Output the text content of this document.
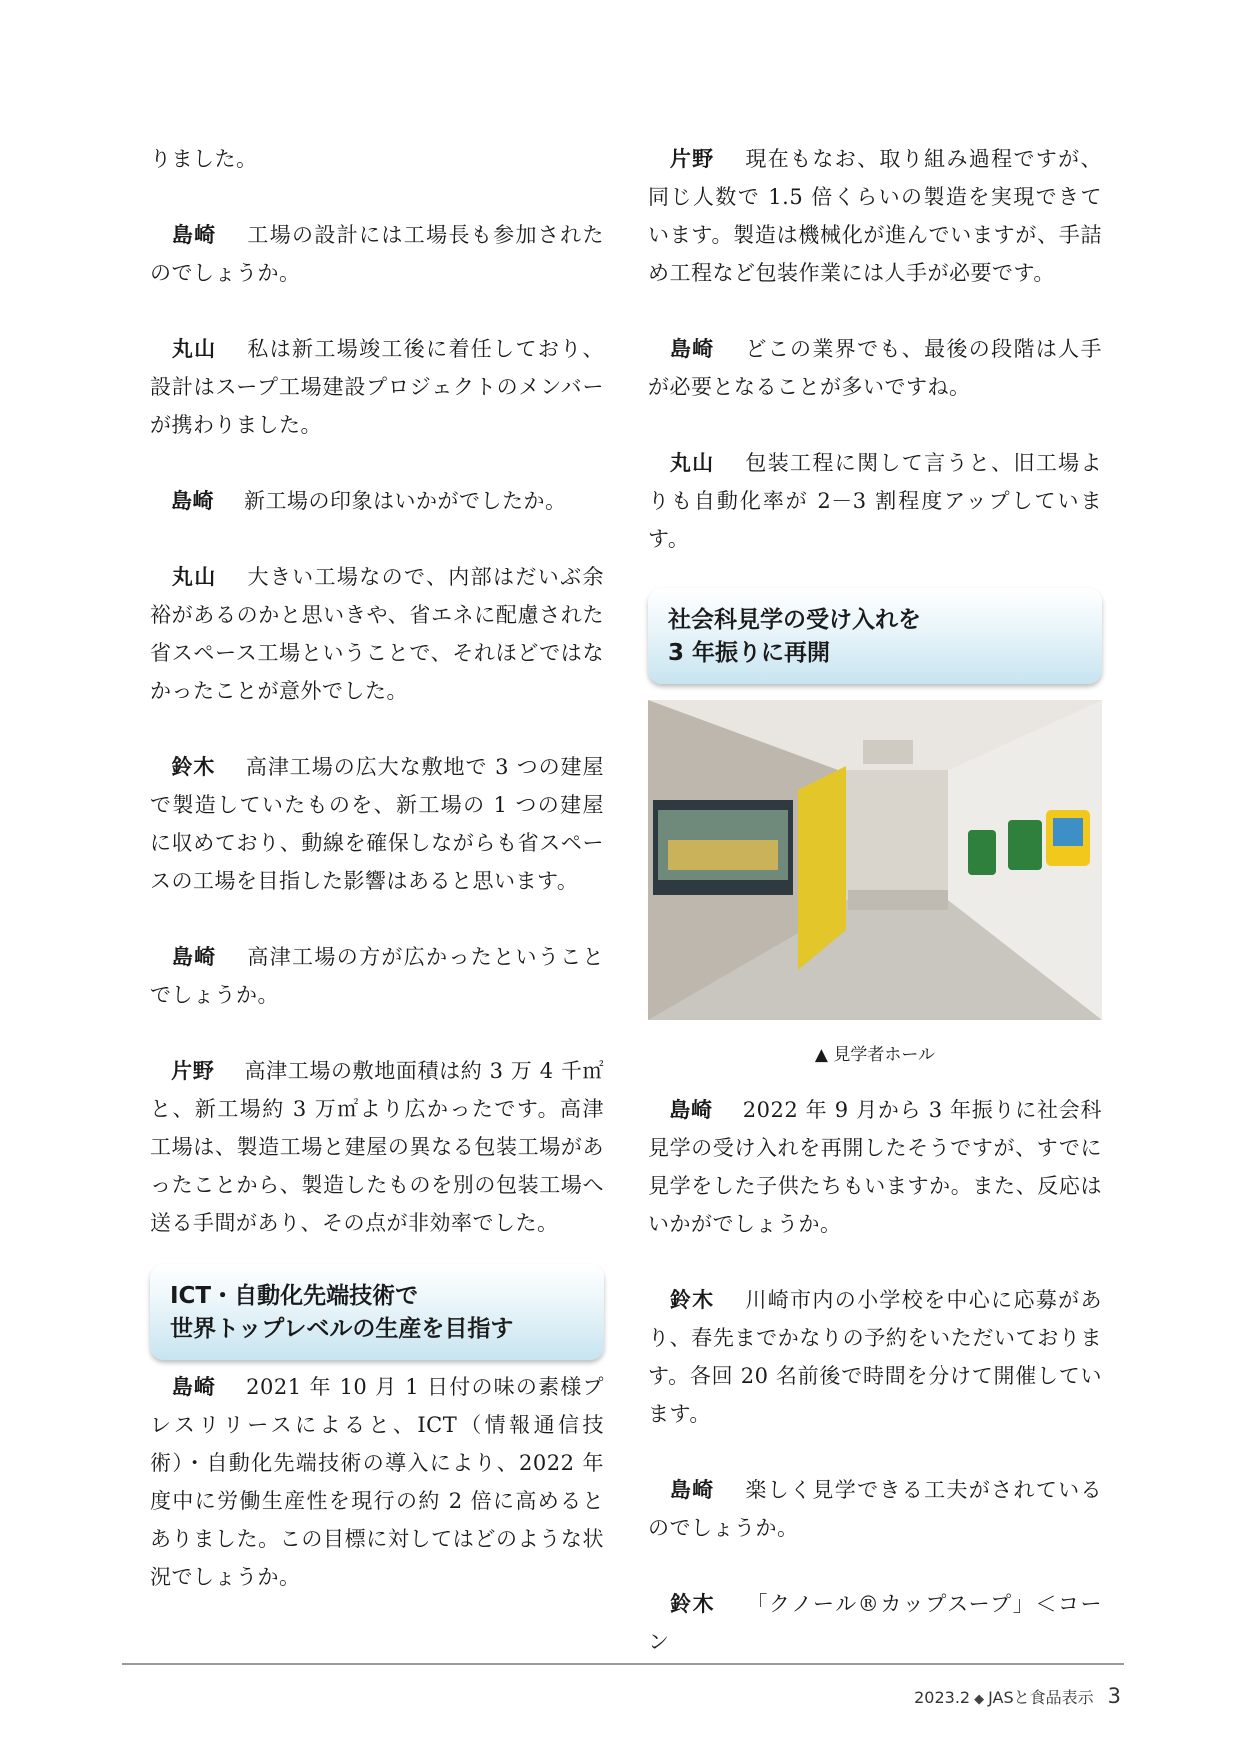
りました。

島崎 工場の設計には工場長も参加されたのでしょうか。

丸山 私は新工場竣工後に着任しており、設計はスープ工場建設プロジェクトのメンバーが携わりました。

島崎 新工場の印象はいかがでしたか。

丸山 大きい工場なので、内部はだいぶ余裕があるのかと思いきや、省エネに配慮された省スペース工場ということで、それほどではなかったことが意外でした。

鈴木 高津工場の広大な敷地で 3 つの建屋で製造していたものを、新工場の 1 つの建屋に収めており、動線を確保しながらも省スペースの工場を目指した影響はあると思います。

島崎 高津工場の方が広かったということでしょうか。

片野 高津工場の敷地面積は約 3 万 4 千㎡と、新工場約 3 万㎡より広かったです。高津工場は、製造工場と建屋の異なる包装工場があったことから、製造したものを別の包装工場へ送る手間があり、その点が非効率でした。

ICT・自動化先端技術で
世界トップレベルの生産を目指す

島崎 2021 年 10 月 1 日付の味の素様プレスリリースによると、ICT（情報通信技術）・自動化先端技術の導入により、2022 年度中に労働生産性を現行の約 2 倍に高めるとありました。この目標に対してはどのような状況でしょうか。

片野 現在もなお、取り組み過程ですが、同じ人数で 1.5 倍くらいの製造を実現できています。製造は機械化が進んでいますが、手詰め工程など包装作業には人手が必要です。

島崎 どこの業界でも、最後の段階は人手が必要となることが多いですね。

丸山 包装工程に関して言うと、旧工場よりも自動化率が 2－3 割程度アップしています。

社会科見学の受け入れを
3 年振りに再開
▲ 見学者ホール

島崎 2022 年 9 月から 3 年振りに社会科見学の受け入れを再開したそうですが、すでに見学をした子供たちもいますか。また、反応はいかがでしょうか。

鈴木 川崎市内の小学校を中心に応募があり、春先までかなりの予約をいただいております。各回 20 名前後で時間を分けて開催しています。

島崎 楽しく見学できる工夫がされているのでしょうか。

鈴木 「クノール®カップスープ」＜コーン

2023.2 ◆ JASと食品表示 3
